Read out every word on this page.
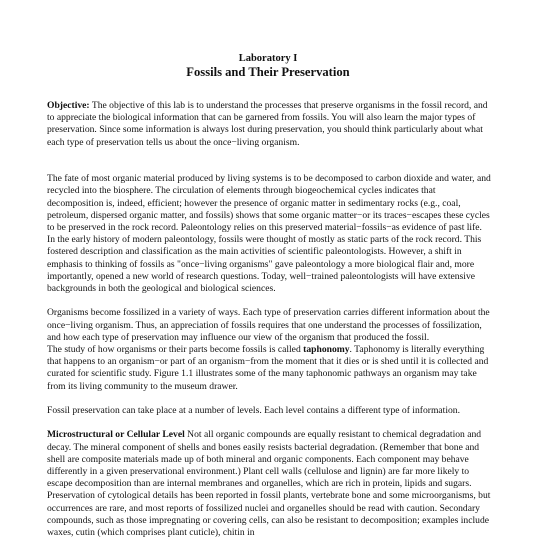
Laboratory I
Fossils and Their Preservation

Objective: The objective of this lab is to understand the processes that preserve organisms in the fossil record, and to appreciate the biological information that can be garnered from fossils. You will also learn the major types of preservation. Since some information is always lost during preservation, you should think particularly about what each type of preservation tells us about the once−living organism.

The fate of most organic material produced by living systems is to be decomposed to carbon dioxide and water, and recycled into the biosphere. The circulation of elements through biogeochemical cycles indicates that decomposition is, indeed, efficient; however the presence of organic matter in sedimentary rocks (e.g., coal, petroleum, dispersed organic matter, and fossils) shows that some organic matter−or its traces−escapes these cycles to be preserved in the rock record. Paleontology relies on this preserved material−fossils−as evidence of past life. In the early history of modern paleontology, fossils were thought of mostly as static parts of the rock record. This fostered description and classification as the main activities of scientific paleontologists. However, a shift in emphasis to thinking of fossils as "once−living organisms" gave paleontology a more biological flair and, more importantly, opened a new world of research questions. Today, well−trained paleontologists will have extensive backgrounds in both the geological and biological sciences.

Organisms become fossilized in a variety of ways. Each type of preservation carries different information about the once−living organism. Thus, an appreciation of fossils requires that one understand the processes of fossilization, and how each type of preservation may influence our view of the organism that produced the fossil.

The study of how organisms or their parts become fossils is called taphonomy. Taphonomy is literally everything that happens to an organism−or part of an organism−from the moment that it dies or is shed until it is collected and curated for scientific study. Figure 1.1 illustrates some of the many taphonomic pathways an organism may take from its living community to the museum drawer.

Fossil preservation can take place at a number of levels. Each level contains a different type of information.

Microstructural or Cellular Level Not all organic compounds are equally resistant to chemical degradation and decay. The mineral component of shells and bones easily resists bacterial degradation. (Remember that bone and shell are composite materials made up of both mineral and organic components. Each component may behave differently in a given preservational environment.) Plant cell walls (cellulose and lignin) are far more likely to escape decomposition than are internal membranes and organelles, which are rich in protein, lipids and sugars. Preservation of cytological details has been reported in fossil plants, vertebrate bone and some microorganisms, but occurrences are rare, and most reports of fossilized nuclei and organelles should be read with caution. Secondary compounds, such as those impregnating or covering cells, can also be resistant to decomposition; examples include waxes, cutin (which comprises plant cuticle), chitin in
